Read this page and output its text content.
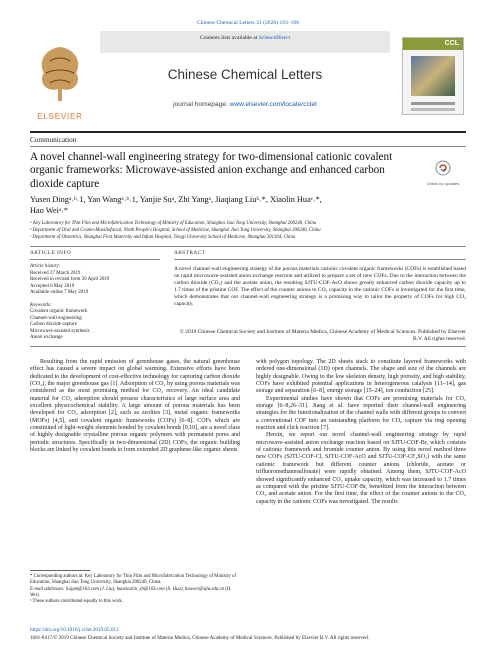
Chinese Chemical Letters 31 (2020) 193–196
ELSEVIER
Contents lists available at ScienceDirect
Chinese Chemical Letters
journal homepage: www.elsevier.com/locate/cclet
CCL
Communication
A novel channel-wall engineering strategy for two-dimensional cationic covalent organic frameworks: Microwave-assisted anion exchange and enhanced carbon dioxide capture	Check for updates
Yusen Dingᵃ˒ᵇ˒1, Yan Wangᵃ˒ᵇ˒1, Yanjie Suᵃ, Zhi Yangᵃ, Jiaqiang Liuᵇ˒*, Xiaolin Huaᶜ˒*,
Hao Weiᵃ˒*
ᵃ Key Laboratory for Thin Film and Microfabrication Technology of Ministry of Education, Shanghai Jiao Tong University, Shanghai 200240, China
ᵇ Department of Oral and Cranio-Maxillofacial, Ninth People's Hospital, School of Medicine, Shanghai Jiao Tong University, Shanghai 200240, China
ᶜ Department of Obstetrics, Shanghai First Maternity and Infant Hospital, Tongji University School of Medicine, Shanghai 201204, China
ARTICLE INFO	ABSTRACT
Article history:
Received 27 March 2019
Received in revised form 30 April 2019
Accepted 6 May 2019
Available online 7 May 2019
Keywords:
Covalent organic framework
Channel-wall engineering
Carbon dioxide capture
Microwave-assisted synthesis
Anion exchange
A novel channel-wall engineering strategy of the porous materials cationic covalent organic frameworks (COFs) is established based on rapid microwave-assisted anion exchange reaction and utilized to prepare a set of new COFs. Due to the interaction between the carbon dioxide (CO₂) and the acetate anion, the resulting SJTU-COF-AcO shows greatly enhanced carbon dioxide capacity up to 1.7 times of the pristine COF. The effect of the counter anions to CO₂ capacity in the cationic COFs is investigated for the first time, which demonstrates that our channel-wall engineering strategy is a promising way to tailor the property of COFs for high CO₂ capacity.
© 2019 Chinese Chemical Society and Institute of Materia Medica, Chinese Academy of Medical Sciences. Published by Elsevier B.V. All rights reserved.
Resulting from the rapid emission of greenhouse gases, the natural greenhouse effect has caused a severe impact on global warming. Extensive efforts have been dedicated to the development of cost-effective technology for capturing carbon dioxide (CO₂), the major greenhouse gas [1]. Adsorption of CO₂ by using porous materials was considered as the most promising method for CO₂ recovery. An ideal candidate material for CO₂ adsorption should possess characteristics of large surface area and excellent physicochemical stability. A large amount of porous materials has been developed for CO₂ adsorption [2], such as zeolites [3], metal organic frameworks (MOFs) [4,5], and covalent organic frameworks (COFs) [6–8]. COFs which are constituted of light-weight elements bonded by covalent bonds [9,10], are a novel class of highly designable crystalline porous organic polymers with permanent pores and periodic structures. Specifically in two-dimensional (2D) COFs, the organic building blocks are linked by covalent bonds to form extended 2D graphene-like organic sheets
with polygon topology. The 2D sheets stack to constitute layered frameworks with ordered one-dimensional (1D) open channels. The shape and size of the channels are highly designable. Owing to the low skeleton density, high porosity, and high stability, COFs have exhibited potential applications in heterogeneous catalysis [11–14], gas storage and separation [6–8], energy storage [15–24], ion conduction [25].
Experimental studies have shown that COFs are promising materials for CO₂ storage [6–8,26–31]. Jiang et al. have reported their channel-wall engineering strategies for the functionalization of the channel walls with different groups to convert a conventional COF into an outstanding platform for CO₂ capture via ring opening reaction and click reaction [7].
Herein, we report our novel channel-wall engineering strategy by rapid microwave-assisted anion exchange reaction based on SJTU-COF-Br, which consists of cationic framework and bromide counter anion. By using this novel method three new COFs (SJTU-COF-Cl, SJTU-COF-AcO and SJTU-COF-CF₃SO₃) with the same cationic framework but different counter anions (chloride, acetate or trifluoromethanesulfonate) were rapidly obtained. Among them, SJTU-COF-AcO showed significantly enhanced CO₂ uptake capacity, which was increased to 1.7 times as compared with the pristine SJTU-COF-Br, benefitted from the interaction between CO₂ and acetate anion. For the first time, the effect of the counter anions to the CO₂ capacity in the cationic COFs was investigated. The results
* Corresponding authors at: Key Laboratory for Thin Film and Microfabrication Technology of Ministry of Education, Shanghai Jiao Tong University, Shanghai 200240, China.
E-mail addresses: liujqm@163.com (J. Liu), huaxiaolin_sh@163.com (X. Hua), haowei@sjtu.edu.cn (H. Wei).
¹ These authors contributed equally to this work.
https://doi.org/10.1016/j.cclet.2019.05.012
1001-8417/© 2019 Chinese Chemical Society and Institute of Materia Medica, Chinese Academy of Medical Sciences. Published by Elsevier B.V. All rights reserved.
